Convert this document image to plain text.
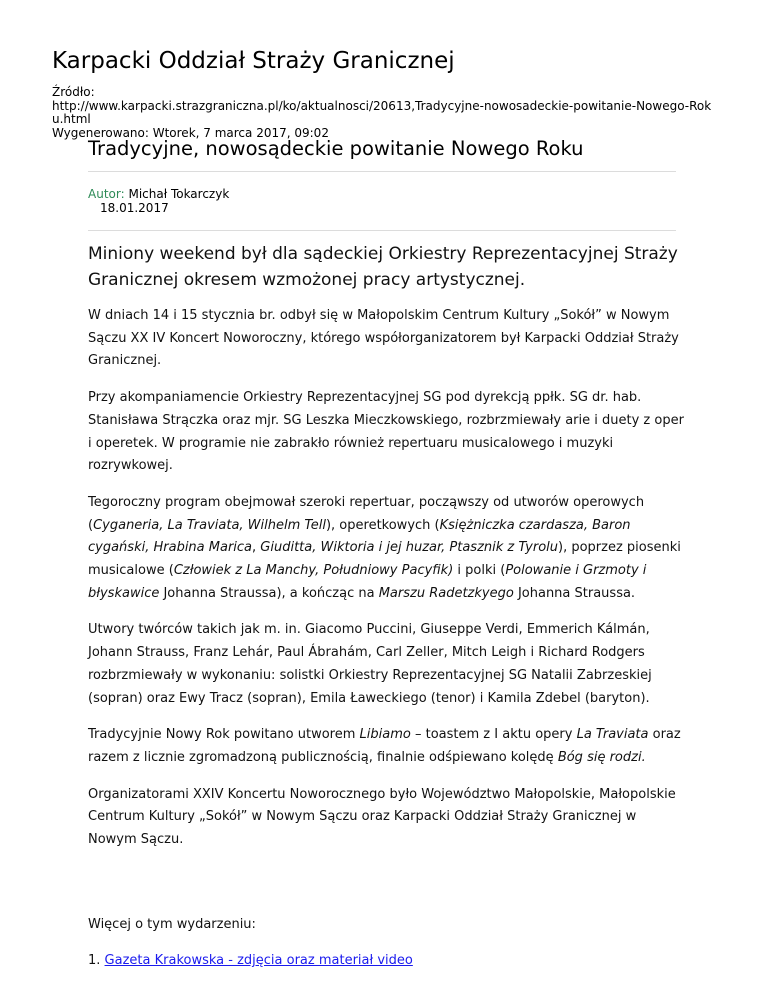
Karpacki Oddział Straży Granicznej
Źródło:
http://www.karpacki.strazgraniczna.pl/ko/aktualnosci/20613,Tradycyjne-nowosadeckie-powitanie-Nowego-Roku.html
Wygenerowano: Wtorek, 7 marca 2017, 09:02
Tradycyjne, nowosądeckie powitanie Nowego Roku
Autor: Michał Tokarczyk
18.01.2017
Miniony weekend był dla sądeckiej Orkiestry Reprezentacyjnej Straży Granicznej okresem wzmożonej pracy artystycznej.

W dniach 14 i 15 stycznia br. odbył się w Małopolskim Centrum Kultury „Sokół” w Nowym Sączu XX IV Koncert Noworoczny, którego współorganizatorem był Karpacki Oddział Straży Granicznej.

Przy akompaniamencie Orkiestry Reprezentacyjnej SG pod dyrekcją ppłk. SG dr. hab. Stanisława Strączka oraz mjr. SG Leszka Mieczkowskiego, rozbrzmiewały arie i duety z oper i operetek. W programie nie zabrakło również repertuaru musicalowego i muzyki rozrywkowej.

Tegoroczny program obejmował szeroki repertuar, począwszy od utworów operowych (Cyganeria, La Traviata, Wilhelm Tell), operetkowych (Księżniczka czardasza, Baron cygański, Hrabina Marica, Giuditta, Wiktoria i jej huzar, Ptasznik z Tyrolu), poprzez piosenki musicalowe (Człowiek z La Manchy, Południowy Pacyfik) i polki (Polowanie i Grzmoty i błyskawice Johanna Straussa), a kończąc na Marszu Radetzkyego Johanna Straussa.

Utwory twórców takich jak m. in. Giacomo Puccini, Giuseppe Verdi, Emmerich Kálmán, Johann Strauss, Franz Lehár, Paul Ábrahám, Carl Zeller, Mitch Leigh i Richard Rodgers rozbrzmiewały w wykonaniu: solistki Orkiestry Reprezentacyjnej SG Natalii Zabrzeskiej (sopran) oraz Ewy Tracz (sopran), Emila Ławeckiego (tenor) i Kamila Zdebel (baryton).

Tradycyjnie Nowy Rok powitano utworem Libiamo – toastem z I aktu opery La Traviata oraz razem z licznie zgromadzoną publicznością, finalnie odśpiewano kolędę Bóg się rodzi.

Organizatorami XXIV Koncertu Noworocznego było Województwo Małopolskie, Małopolskie Centrum Kultury „Sokół” w Nowym Sączu oraz Karpacki Oddział Straży Granicznej w Nowym Sączu.

Więcej o tym wydarzeniu:

1. Gazeta Krakowska - zdjęcia oraz materiał video
